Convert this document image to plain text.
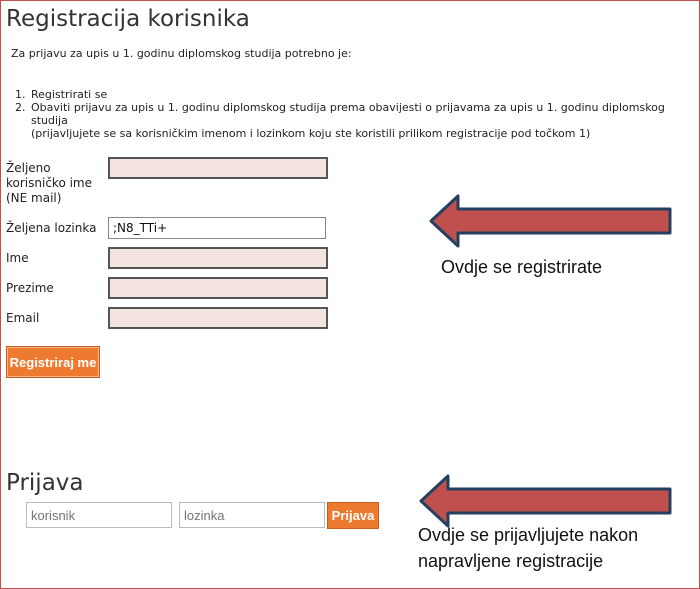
Registracija korisnika
Za prijavu za upis u 1. godinu diplomskog studija potrebno je:
1. Registrirati se
2. Obaviti prijavu za upis u 1. godinu diplomskog studija prema obavijesti o prijavama za upis u 1. godinu diplomskog studija
(prijavljujete se sa korisničkim imenom i lozinkom koju ste koristili prilikom registracije pod točkom 1)
Željeno korisničko ime (NE mail)
Željena lozinka
;N8_TTi+
Ime
Prezime
Email
Registriraj me
Prijava
korisnik
lozinka
Prijava
Ovdje se registrirate
Ovdje se prijavljujete nakon
napravljene registracije
